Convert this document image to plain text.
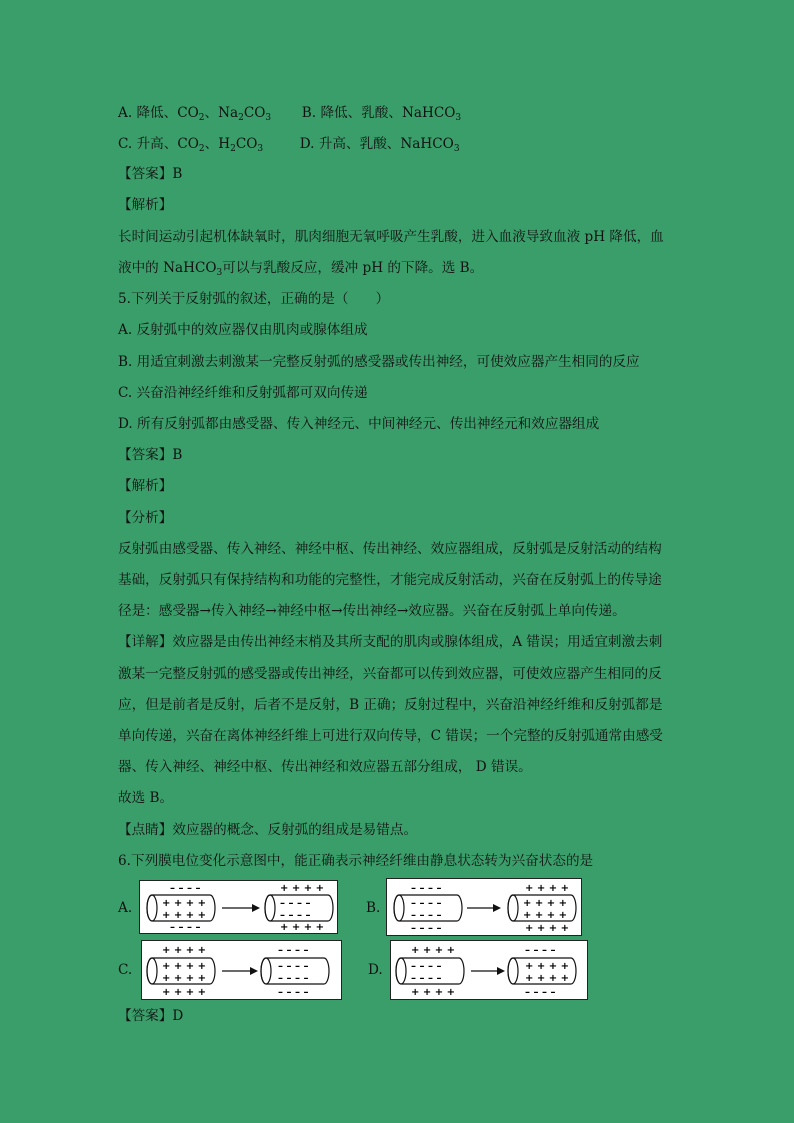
A. 降低、$CO_2$、$Na_2CO_3$ B. 降低、乳酸、NaHCO$_3$
C. 升高、$CO_2$、$H_2CO_3$	D. 升高、乳酸、NaHCO$_3$
【答案】B
【解析】
长时间运动引起机体缺氧时，肌肉细胞无氧呼吸产生乳酸，进入血液导致血液 pH 降低，血
液中的 NaHCO$_3$可以与乳酸反应，缓冲 pH 的下降。选 B。
5.下列关于反射弧的叙述，正确的是（　　）
A. 反射弧中的效应器仅由肌肉或腺体组成
B. 用适宜刺激去刺激某一完整反射弧的感受器或传出神经，可使效应器产生相同的反应
C. 兴奋沿神经纤维和反射弧都可双向传递
D. 所有反射弧都由感受器、传入神经元、中间神经元、传出神经元和效应器组成
【答案】B
【解析】
【分析】
反射弧由感受器、传入神经、神经中枢、传出神经、效应器组成，反射弧是反射活动的结构
基础，反射弧只有保持结构和功能的完整性，才能完成反射活动，兴奋在反射弧上的传导途
径是：感受器→传入神经→神经中枢→传出神经→效应器。兴奋在反射弧上单向传递。
【详解】效应器是由传出神经末梢及其所支配的肌肉或腺体组成，A 错误；用适宜刺激去刺
激某一完整反射弧的感受器或传出神经，兴奋都可以传到效应器，可使效应器产生相同的反
应，但是前者是反射，后者不是反射，B 正确；反射过程中，兴奋沿神经纤维和反射弧都是
单向传递，兴奋在离体神经纤维上可进行双向传导，C 错误；一个完整的反射弧通常由感受
器、传入神经、神经中枢、传出神经和效应器五部分组成， D 错误。
故选 B。
【点睛】效应器的概念、反射弧的组成是易错点。
6.下列膜电位变化示意图中，能正确表示神经纤维由静息状态转为兴奋状态的是
A.
– – – –
+ + + +
+ + + +
– – – –
+ + + +
– – – –
– – – –
+ + + +
B.
– – – –
– – – –
– – – –
– – – –
+ + + +
+ + + +
+ + + +
+ + + +
C.
+ + + +
+ + + +
+ + + +
+ + + +
– – – –
– – – –
– – – –
– – – –
D.
+ + + +
– – – –
– – – –
+ + + +
– – – –
+ + + +
+ + + +
– – – –
【答案】D
